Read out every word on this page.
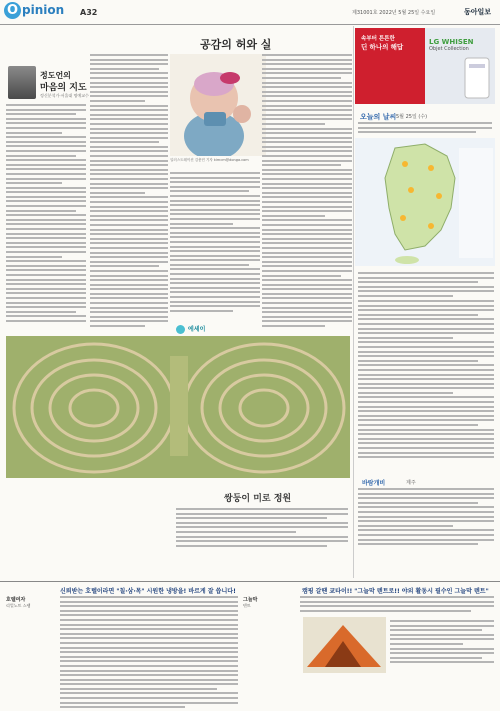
O pinion A32	제31001호 2022년 5월 25일 수요일	동아일보
공감의 허와 실
정도언의
마음의 지도
정신분석가·서울대 명예교수
일러스트레이션 김충민 기자 kimcm@donga.com
속부터 튼튼한
딘 하나의 해답
LG WHISEN
Objet Collection
오늘의 날씨 5월 25일 (수)
에세이
쌍둥이 미로 정원
바람개비	제주
신뢰받는 호텔이라면 "칠·삼·목" 시원한 냉방을! 바르게 잘 씁니다!	캠핑 갈땐 쿄타이!! "그늘막 텐트로!! 야외 활동시 필수인 그늘막 텐트"
호텔여자
리얼노트 스팸
그늘막
텐트
